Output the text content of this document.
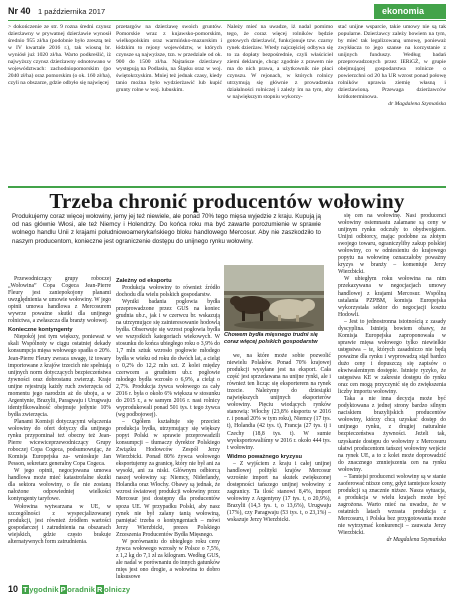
Nr 40 1 października 2017	ekonomia
> dokończenie ze str. 9 rozna średni czynsz dzierżawny w prywatnej dzierżawie wynosił średnio 955 zł/ha (podobnie było zresztą też w IV kwartale 2016 r.), tak wiosną br. wyniósł już 1020 zł/ha. Warto podkreślić, iż najwyższy czynsz dzierżawny odnotowano w województwach: zachodniopomorskim (po 2040 zł/ha) oraz pomorskim (o ok. 160 zł/ha), czyli na obszarze, gdzie odbyło się najwięcej
przetargów na dzierżawę swoich gruntów. Pomorskie wraz z kujawsko-pomorskim, wielkopolskim oraz warmińsko-mazurskim i łódzkim to rejony województw, w których czynsze są najwyższe, tzn. w przedziale od ok. 900 do 1500 zł/ha. Najtańsze dzierżawy występują na Podlasiu, na Śląsku oraz w woj. świętokrzyskim. Mniej też jednak czasy, kiedy tanio można było wydzierżawić lub kupić grunty rolne w woj. lubuskim.
Należy mieć na uwadze, iż nadal pomimo tego, że coraz więcej rolników będzie gotowych dzierżawić, funkcjonuje tzw. czarny rynek dzierżaw. Wtedy najczęściej odbywa się to za dopłaty bezpośrednie, czyli właściciel ziemi deklaruje, chcąc zgodnie z prawem nie ma do nich prawa, a użytkownik nie płaci czynszu. W rejonach, w których rolnicy utrzymują się głównie z prowadzenia działalności rolniczej i zależy im na tym, aby w największym stopniu wykorzy-
stać unijne wsparcie, takie umowy nie są tak popularne. Dzierżawcy zależy bowiem na tym, by mieć tak legalizowaną umowę, ponieważ zwykłacza to jego szanse na korzystanie z unijnych funduszy. Według badań przeprowadzonych przez IERiGŻ, w grupie obejmującej gospodarstwa rolnicze o powierzchni od 20 ha UR wzrost ponad połowę rolników uprawia ziemię własną i dzierżawioną. Przewaga dzierżawców krótkoterminowa.
dr Magdalena Szymańska
Trzeba chronić producentów wołowiny
Produkujemy coraz więcej wołowiny, jemy jej też niewiele, ale ponad 70% tego mięsa wyjedzie z kraju. Kupują ją od nas głównie Włosi, ale też Niemcy i Holendrzy. Do końca roku ma być zawarte porozumienie w sprawie wolnego handlu Unii z krajami południowoamerykańskiego bloku handlowego Mercosur. Aby nie zaszkodziło to naszym producentom, konieczne jest ograniczenie dostępu do unijnego rynku wołowiny.

Przewodniczący grupy roboczej „Wołowina” Copa Cogeca Jean-Pierre Fleury jest zaniepokojony planami uwzględnienia w umowie wołowiny. W jego opinii umowa handlowa z Mercosurem wywrze poważne skutki dla unijnego rolnictwa, a zwłaszcza dla branży wołowej.

Konieczne kontyngenty

Niepokój jest tym większy, ponieważ w skali Wspólnoty w ciągu ostatniej dekady konsumpcja mięsa wołowego spadła o 20%. Jean-Pierre Fleury zwraca uwagę, iż towary importowane z krajów trzecich nie spełniają unijnych norm dotyczących bezpieczeństwa żywności oraz dobrostanu zwierząt. Kraje unijne rejestrują każdy ruch zwierzęcia od momentu jego narodzin aż do uboju, a w Argentynie, Brazylii, Paragwaju i Urugwaju identyfikowalność obejmuje jedynie 10% bydła zwierzęcia.

Planami Komisji dotyczącymi włączenia wołowiny do ofert dotyczy dla unijnego rynku przypominał też obecny też Jean-Pierre wicewiceprzewodniczący Grupy roboczej Copa Cogeca, podsumowując, że Komisja Europejska za- wnioskuje Jan Pesson, sekretarz generalny Copa Cogeca.

W jego opinii, negocjowana umowa handlowa może mieć katastrofalne skutki dla sektora wołowiny, o ile nie zostaną nałożone odpowiedniej wielkości kontyngenty taryfowe.

Wołowina wytwarzana w UE, w szczególności z wyspecjalizowanej produkcji, jest również źródłem wartości gospodarczej i zatrudnienia na obszarach wiejskich, gdzie często brakuje alternatywnych form zatrudnienia.

Zależny od eksportu

Produkcja wołowiny to również źródło dochodu dla wielu polskich gospodarstw.

Wyniki badania poglowia bydła przeprowadzone przez GUS na koniec grudnia ub.r., jak i w czerwcu br. wskazują na utrzymujące się zainteresowanie hodowlą bydła. Obserwuje się wzrost pogłowia bydła we wszystkich kategoriach wiekowych. W stosunku do końca ubiegłego roku o 3,9% do 1,7 mln sztuk wzrosło pogłowie młodego bydła w wieku od roku do dwóch lat, a cieląt o 0,2% do 12,2 mln szt. Z kolei między czerwcem a grudniem ub.r. pogłowie młodego bydła wzrosło o 6,9%, a cieląt o 2,7%. Produkcja żywca wołowego za cały 2016 r. była o około 6% większa w stosunku do 2015 r., a w samym 2016 r. nasi rolnicy wyprodukowali ponad 501 tys. t tego żywca (wg podbojowej).

– Ogółem kształtuje się przecież produkcja bydła, utrzymujący się większy popyt Polski w sprawie przeprowadzili konsumpcji – tłumaczy dyrektor Polskiego Związku Hodowców Zespół Jerzy Wierzbicki. Ponad 80% żywca wołowego eksportujemy za granicę, który nie był ani za wysoki, ani za niski. Głównym odbiorcą naszej wołowiny są: Niemcy, Niderlandy, Holandia oraz Włochy. Obawy są jednak, że wzrost światowej produkcji wołowiny przez Mercosur jest dostępny dla producentów spoza UE. W przypadku Polski, aby nasz rynek nie był zalany tanią wołowiną, pamiętać trzeba o kontyngentach – mówi Jerzy Wierzbicki, prezes Polskiego Zrzeszenia Producentów Bydła Mięsnego.

W porównaniu do ubiegłego roku ceny żywca wołowego wzrosły w Polsce o 7,5%, z 1,2 kg do 7,1 zł za kilogram. Według GUS, ale nadal w porównaniu do innych gatunków mięs jest ono drogie, a wołowina to dobro luksusowe

Chowem bydła mięsnego trudni się coraz więcej polskich gospodarstw

we, na które może sobie pozwolić niewielu Polaków. Ponad 70% krajowej produkcji wysyłane jest na eksport. Cała część jest sprzedawana na unijne rynki, ale i również ten licząc się eksporterem na rynek trzecie. Należymy do dziesiątki największych unijnych eksporterów wołowiny. Pięciu wiodących rynków stanowią: Włochy (23,8% eksportu w 2016 r. i ponad 20% w tym roku), Niemcy (17 tys. t), Holandia (42 tys. t), Francja (27 tys. t) i Czechy (18,8 tys. t). W sumie wyeksportowaliśmy w 2016 r. około 444 tys. t wołowiny.

Widmo poważnego kryzysu

– Z wyjściem z kraju i całej unijnej handlowej polityki krajów Mercosur wzrośnie import na skutek zwiększonej dostępności tańszego unijnej wołowiny z zagranicy. Ta ilość stanowi 8,4%, import wołowiny z Argentyny (17 tys. t, o 20,9%), Brazylii (14,3 tys. t, o 13,6%), Urugwaju (17%), czy Paragwaju (53 tys. t, o 23,1%) – wskazuje Jerzy Wierzbicki.

się cen na wołowinę. Nasi producenci wołowiny osiemnastu zalamane są ceny w unijnym rynku odczuły to obydwojgiem. Unijni odbiorcy, mając podobne za złotym swojego towaru, ograniczyliby zakup polskiej wołowiny, co w odniesieniu do krajowego popytu na wołowinę oznaczałoby poważny kryzys w branży – komentuje Jerzy Wierzbicki.

W ubiegłym roku wołowina na nim przekazywana w negocjacjach umowy handlowej z krajami Mercosur. Wspólną ustalania PZPBM, komisja Europejska wykorzystała sektor do negocjacji kosztu Hodowli.

– Jest to jednostronna istotnością z zasady dyscyplina. Istnieją bowiem obawy, że Komisja Europejska zaproponowała w sprawie mięsa wołowego tylko niewielkie ustępstwa – te, których zasadniczo nie będą poważne dla rynku i wyprowadzą stąd bardzo dużo ceny i dopuszczą się zapisów o ekwiwalentnym dostępie. Istnieje ryzyko, że ustępstwa KE w zakresie dostępu do rynku oraz cen mogą przyczynić się do zwiększenia liczby importu wołowiny.

Taka a nie inna decyzja może być podyktowana z jednej strony bardzo silnym naciskiem brazylijskich producentów wołowiny, którzy chcą uzyskać dostęp do unijnego rynku, z drugiej naturalnie bezpieczeństwa żywności. Jeżeli tak, uzyskanie dostępu do wołowiny z Mercosuru ułatwi producentom tańszej wołowiny wejście na rynek UE, a to z kolei może doprowadzić do znacznego zmniejszenia cen na rynku wołowiny.

– Tamtejsi producenci wołowiny są w stanie zaoferować niższe ceny, gdyż tamtejsze koszty produkcji są znacznie niższe. Nasza sytuacja, a produkcja w wielu krajach może być zagrożona. Warto mieć na uwadze, że w ostatnich latach wzrasta produkcja z Mercosuru, i Polska bez przygotowania może nie wytrzymać konkurencji – zauważa Jerzy Wierzbicki.

dr Magdalena Szymańska
10 T ygodnik P oradnik R olniczy
